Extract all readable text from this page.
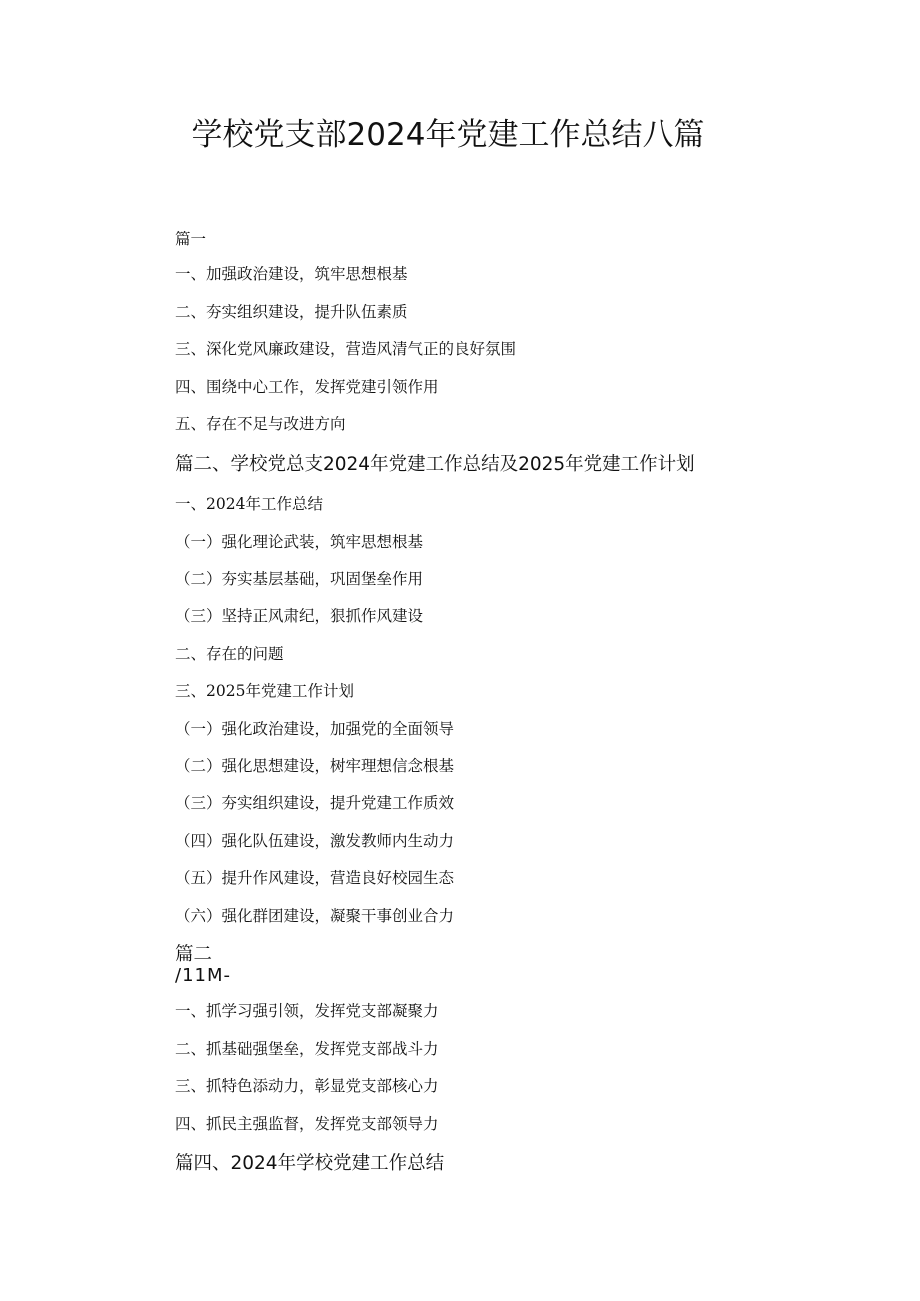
学校党支部2024年党建工作总结八篇

篇一

一、加强政治建设，筑牢思想根基

二、夯实组织建设，提升队伍素质

三、深化党风廉政建设，营造风清气正的良好氛围

四、围绕中心工作，发挥党建引领作用

五、存在不足与改进方向

篇二、学校党总支2024年党建工作总结及2025年党建工作计划

一、2024年工作总结

（一）强化理论武装，筑牢思想根基

（二）夯实基层基础，巩固堡垒作用

（三）坚持正风肃纪，狠抓作风建设

二、存在的问题

三、2025年党建工作计划

（一）强化政治建设，加强党的全面领导

（二）强化思想建设，树牢理想信念根基

（三）夯实组织建设，提升党建工作质效

（四）强化队伍建设，激发教师内生动力

（五）提升作风建设，营造良好校园生态

（六）强化群团建设，凝聚干事创业合力

篇二

/11M-

一、抓学习强引领，发挥党支部凝聚力

二、抓基础强堡垒，发挥党支部战斗力

三、抓特色添动力，彰显党支部核心力

四、抓民主强监督，发挥党支部领导力

篇四、2024年学校党建工作总结
